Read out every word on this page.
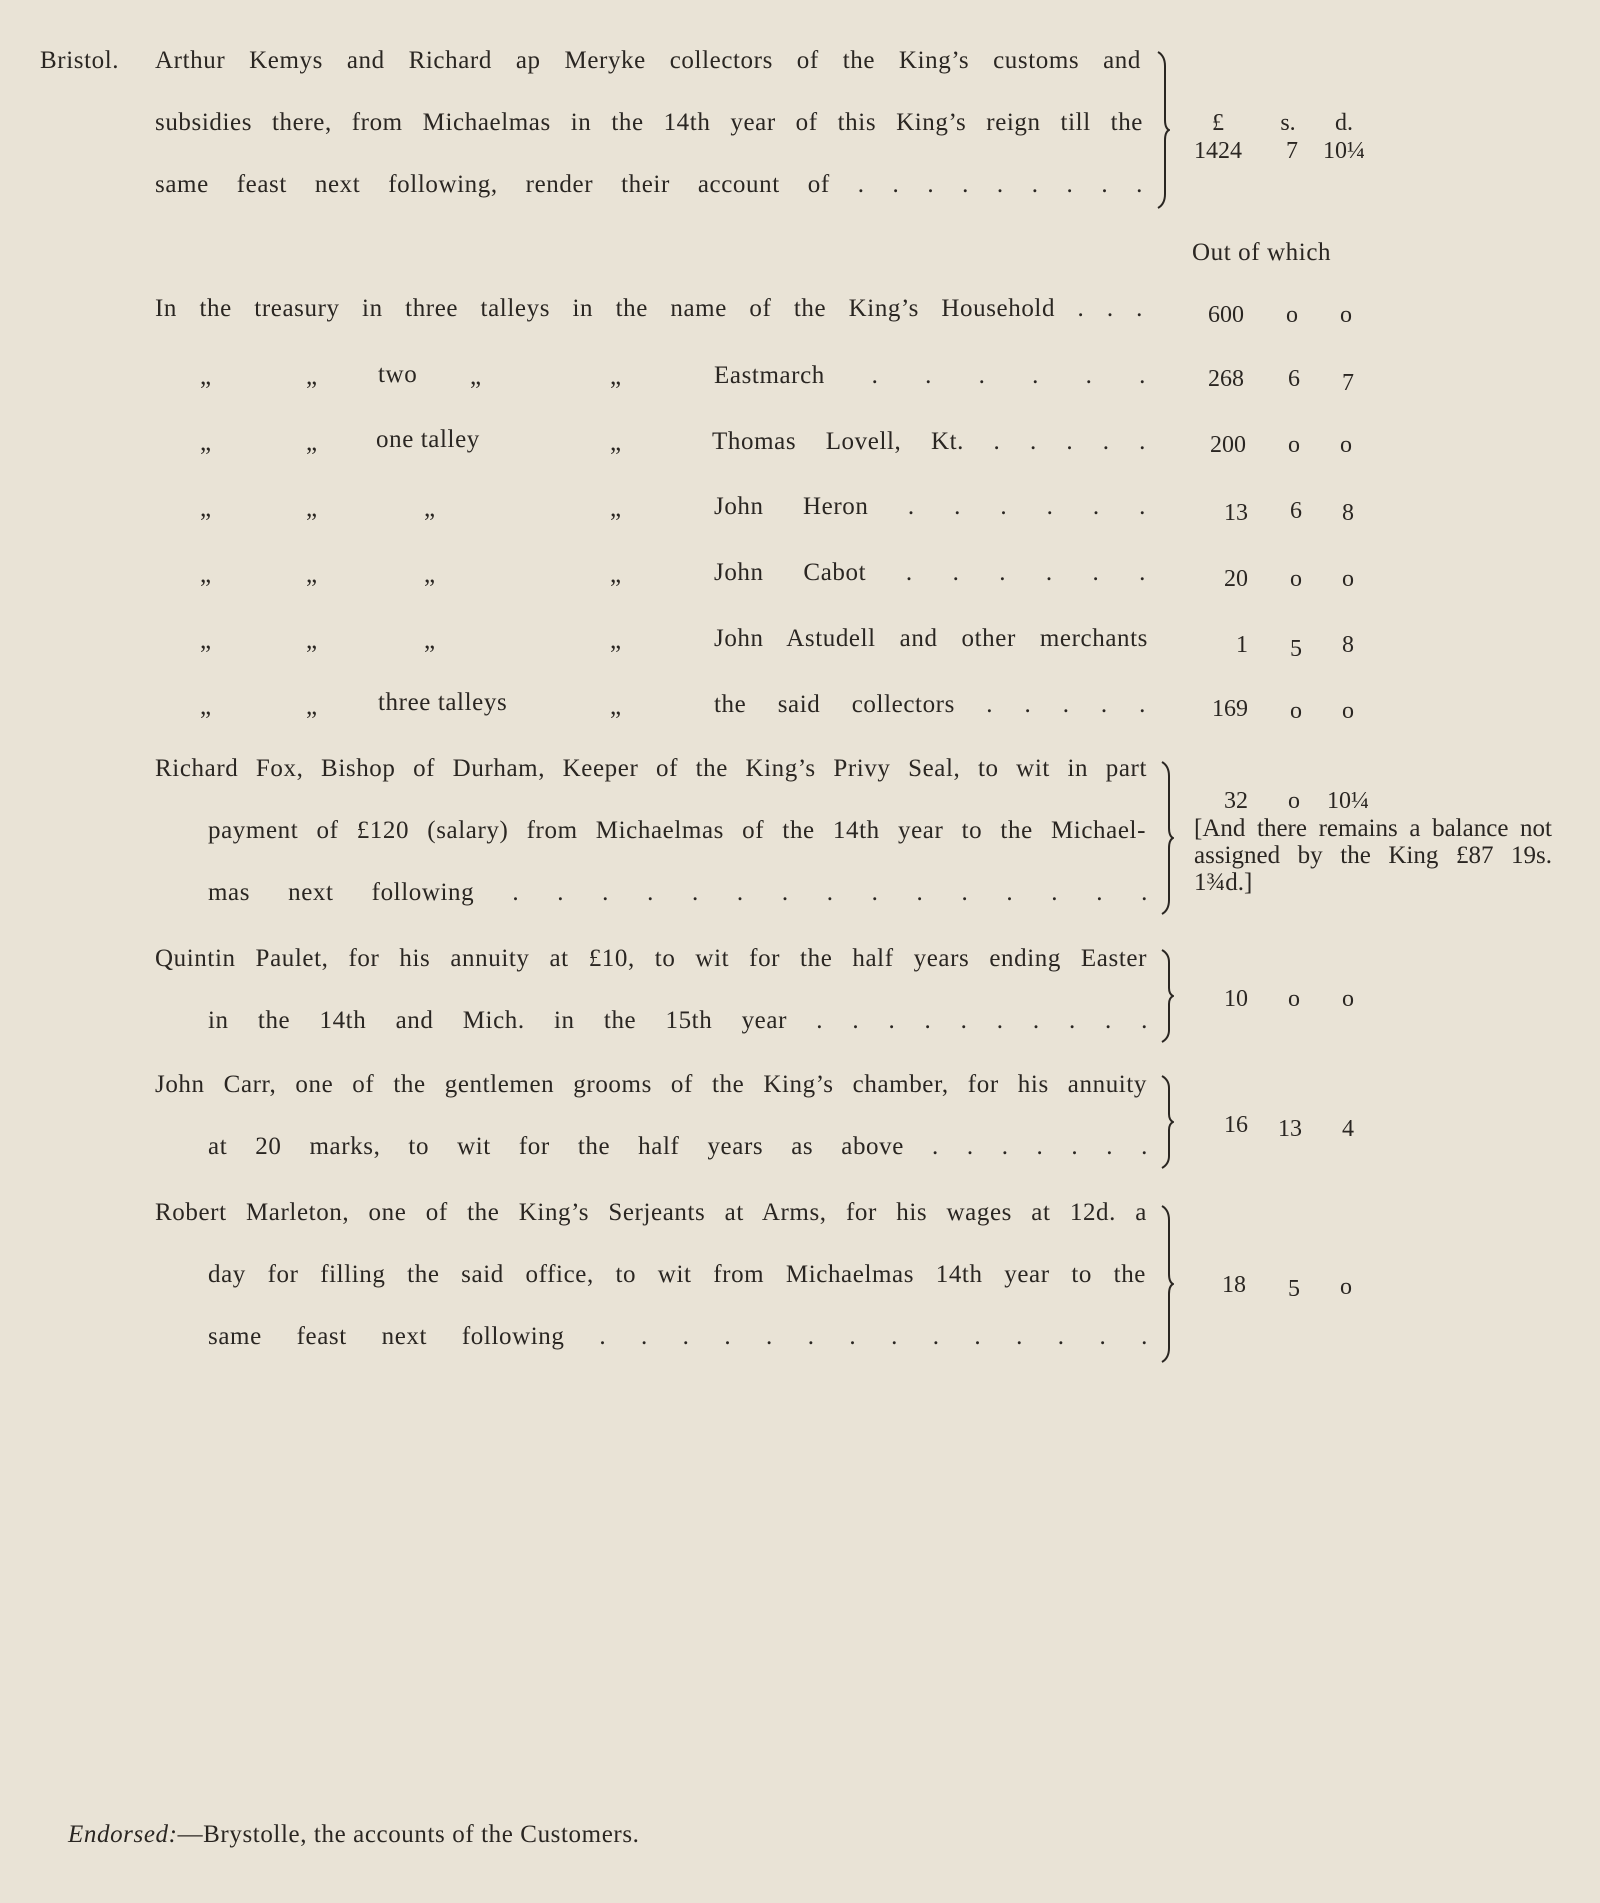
Bristol. Arthur Kemys and Richard ap Meryke collectors of the King’s customs and
subsidies there, from Michaelmas in the 14th year of this King’s reign till the
same feast next following, render their account of . . . . . . . . .
£	s.	d.
1424	7	10¼
Out of which
In the treasury in three talleys in the name of the King’s Household . . .	600	o	o
„	„ two „	„	Eastmarch . . . . . .	268	6	7
„	„ one talley	„	Thomas Lovell, Kt. . . . . .	200	o	o
„	„	„	„	John Heron . . . . . .	13	6	8
„	„	„	„	John Cabot . . . . . .	20	o	o
„	„	„	„	John Astudell and other merchants	1	5	8
„	„ three talleys	„	the said collectors . . . . .	169	o	o
Richard Fox, Bishop of Durham, Keeper of the King’s Privy Seal, to wit in part
payment of £120 (salary) from Michaelmas of the 14th year to the Michael-
mas next following . . . . . . . . . . . . . . .
32	o	10¼
[And there remains a balance not assigned by the King £87 19s. 1¾d.]
Quintin Paulet, for his annuity at £10, to wit for the half years ending Easter
in the 14th and Mich. in the 15th year . . . . . . . . . .
10	o	o
John Carr, one of the gentlemen grooms of the King’s chamber, for his annuity
at 20 marks, to wit for the half years as above . . . . . . .
16	13	4
Robert Marleton, one of the King’s Serjeants at Arms, for his wages at 12d. a
day for filling the said office, to wit from Michaelmas 14th year to the
same feast next following . . . . . . . . . . . . . .
18	5	o
Endorsed:—Brystolle, the accounts of the Customers.
